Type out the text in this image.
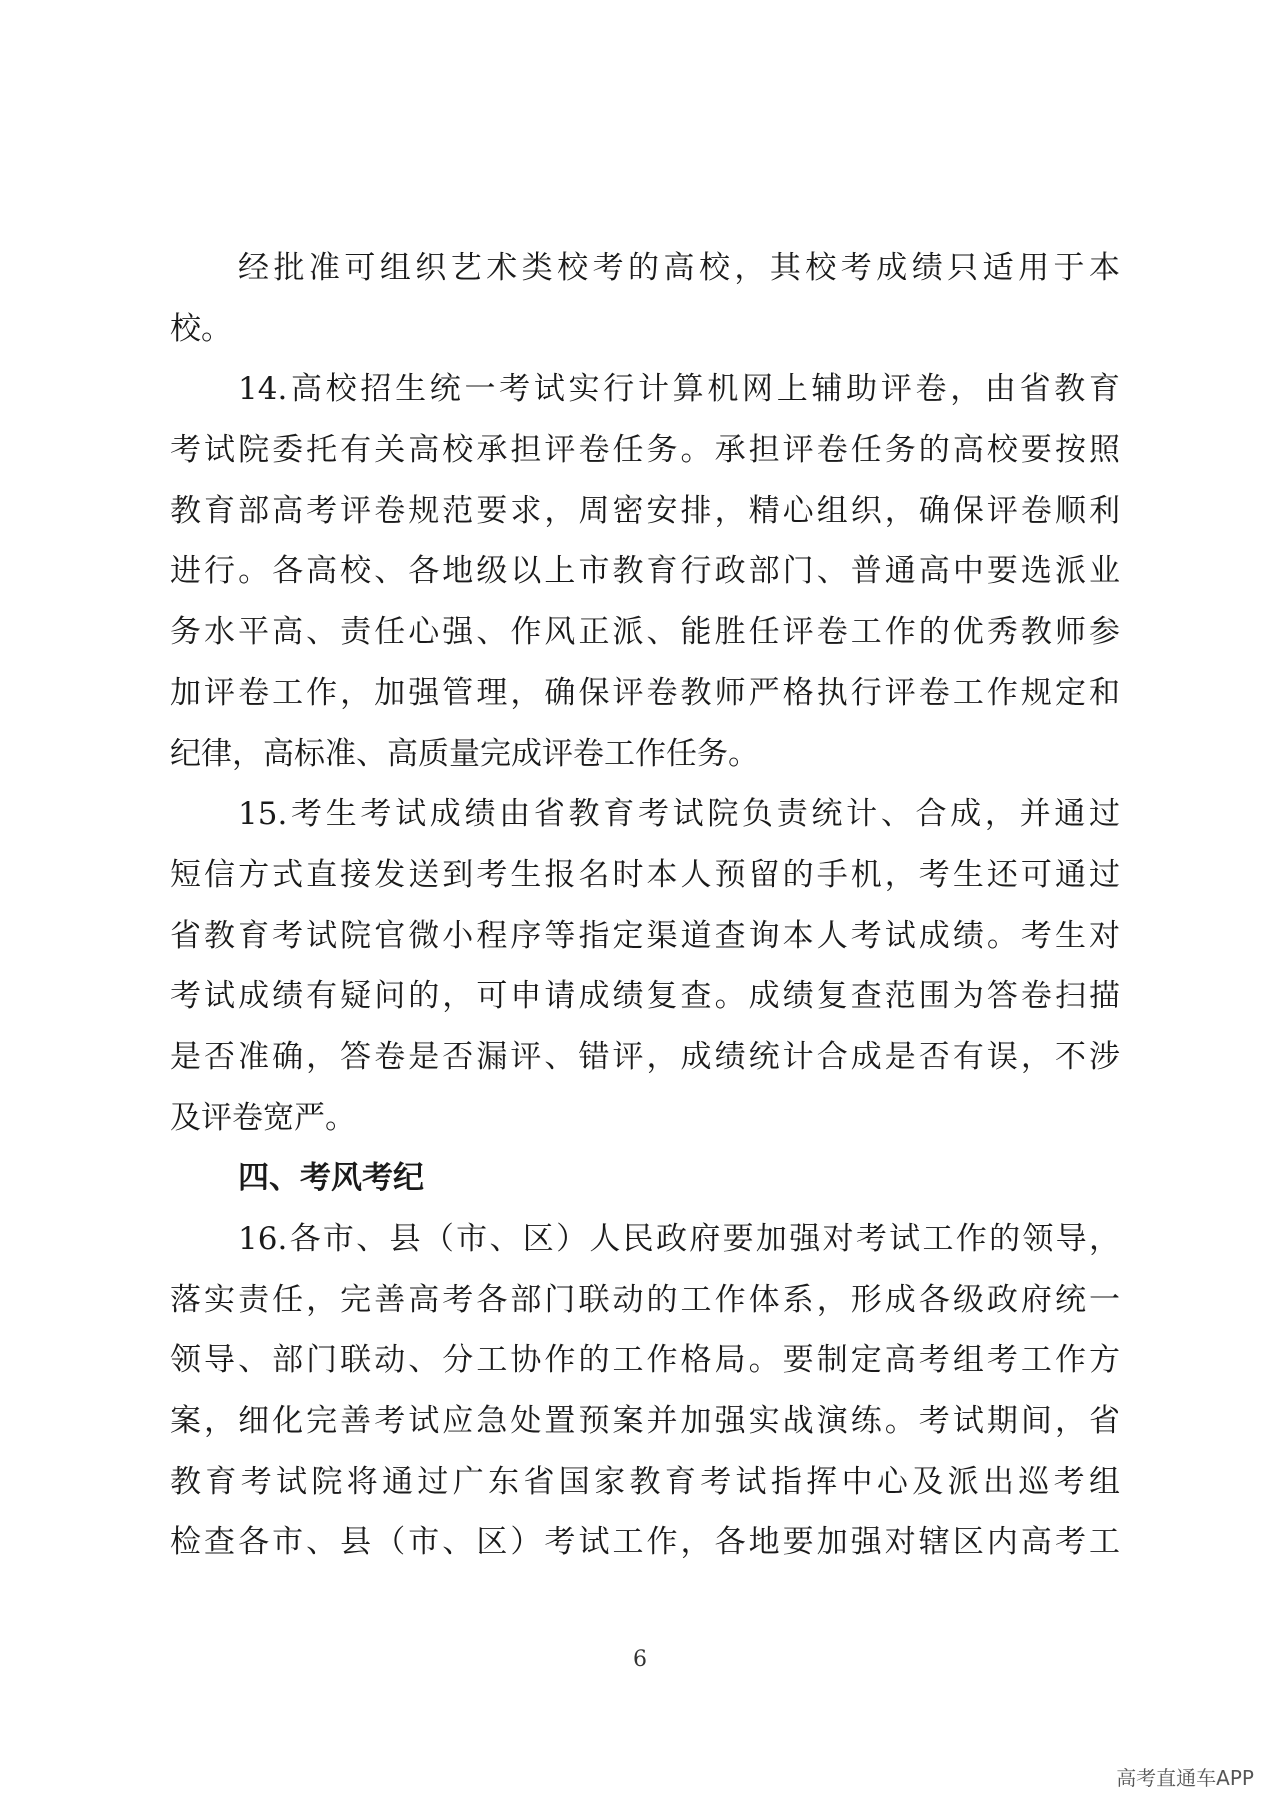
经批准可组织艺术类校考的高校，其校考成绩只适用于本
校。
14.高校招生统一考试实行计算机网上辅助评卷，由省教育
考试院委托有关高校承担评卷任务。承担评卷任务的高校要按照
教育部高考评卷规范要求，周密安排，精心组织，确保评卷顺利
进行。各高校、各地级以上市教育行政部门、普通高中要选派业
务水平高、责任心强、作风正派、能胜任评卷工作的优秀教师参
加评卷工作，加强管理，确保评卷教师严格执行评卷工作规定和
纪律，高标准、高质量完成评卷工作任务。
15.考生考试成绩由省教育考试院负责统计、合成，并通过
短信方式直接发送到考生报名时本人预留的手机，考生还可通过
省教育考试院官微小程序等指定渠道查询本人考试成绩。考生对
考试成绩有疑问的，可申请成绩复查。成绩复查范围为答卷扫描
是否准确，答卷是否漏评、错评，成绩统计合成是否有误，不涉
及评卷宽严。
四、考风考纪
16.各市、县（市、区）人民政府要加强对考试工作的领导，
落实责任，完善高考各部门联动的工作体系，形成各级政府统一
领导、部门联动、分工协作的工作格局。要制定高考组考工作方
案，细化完善考试应急处置预案并加强实战演练。考试期间，省
教育考试院将通过广东省国家教育考试指挥中心及派出巡考组
检查各市、县（市、区）考试工作，各地要加强对辖区内高考工
6
高考直通车APP
